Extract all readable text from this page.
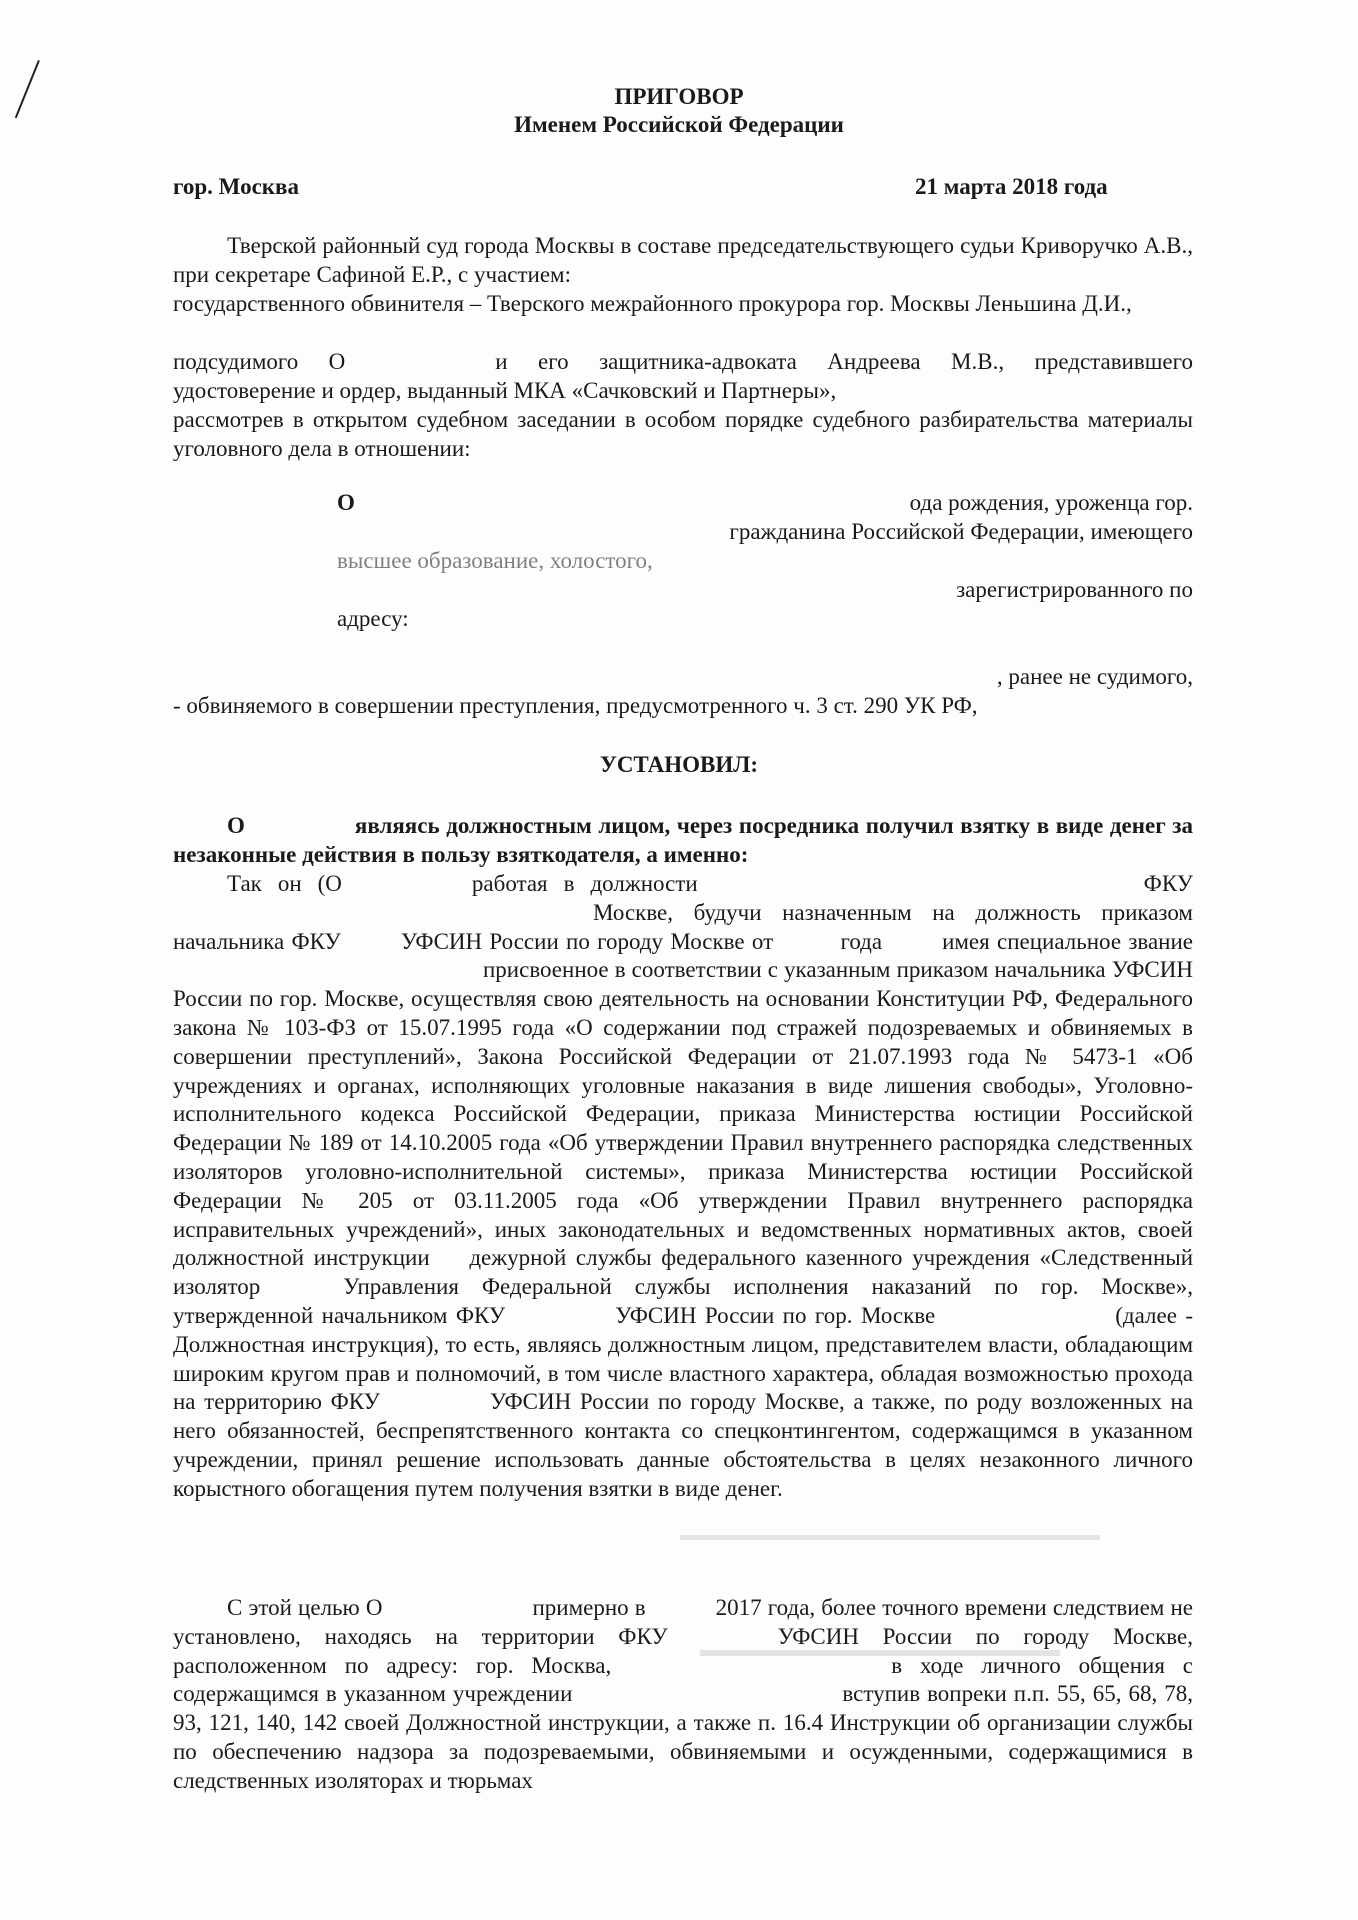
ПРИГОВОР
Именем Российской Федерации
гор. Москва	21 марта 2018 года
Тверской районный суд города Москвы в составе председательствующего судьи Криворучко А.В., при секретаре Сафиной Е.Р., с участием:
государственного обвинителя – Тверского межрайонного прокурора гор. Москвы Леньшина Д.И.,
подсудимого О	и его защитника-адвоката Андреева М.В., представившего удостоверение и ордер, выданный МКА «Сачковский и Партнеры»,
рассмотрев в открытом судебном заседании в особом порядке судебного разбирательства материалы уголовного дела в отношении:
О	ода рождения, уроженца гор.
гражданина Российской Федерации, имеющего
высшее образование, холостого,
зарегистрированного по
адресу:
, ранее не судимого,
- обвиняемого в совершении преступления, предусмотренного ч. 3 ст. 290 УК РФ,
УСТАНОВИЛ:
О	являясь должностным лицом, через посредника получил взятку в виде денег за незаконные действия в пользу взяткодателя, а именно:
Так он (О	работая в должности	ФКУМоскве, будучи назначенным на должность приказом начальника ФКУ	УФСИН России по городу Москве от	года	имея специальное званиеприсвоенное в соответствии с указанным приказом начальника УФСИН России по гор. Москве, осуществляя свою деятельность на основании Конституции РФ, Федерального закона № 103-ФЗ от 15.07.1995 года «О содержании под стражей подозреваемых и обвиняемых в совершении преступлений», Закона Российской Федерации от 21.07.1993 года № 5473-1 «Об учреждениях и органах, исполняющих уголовные наказания в виде лишения свободы», Уголовно-исполнительного кодекса Российской Федерации, приказа Министерства юстиции Российской Федерации № 189 от 14.10.2005 года «Об утверждении Правил внутреннего распорядка следственных изоляторов уголовно-исполнительной системы», приказа Министерства юстиции Российской Федерации № 205 от 03.11.2005 года «Об утверждении Правил внутреннего распорядка исправительных учреждений», иных законодательных и ведомственных нормативных актов, своей должностной инструкции дежурной службы федерального казенного учреждения «Следственный изолятор	Управления Федеральной службы исполнения наказаний по гор. Москве», утвержденной начальником ФКУ	УФСИН России по гор. Москве	(далее - Должностная инструкция), то есть, являясь должностным лицом, представителем власти, обладающим широким кругом прав и полномочий, в том числе властного характера, обладая возможностью прохода на территорию ФКУ	УФСИН России по городу Москве, а также, по роду возложенных на него обязанностей, беспрепятственного контакта со спецконтингентом, содержащимся в указанном учреждении, принял решение использовать данные обстоятельства в целях незаконного личного корыстного обогащения путем получения взятки в виде денег.
С этой целью О	примерно в	2017 года, более точного времени следствием не установлено, находясь на территории ФКУ	УФСИН России по городу Москве, расположенном по адресу: гор. Москва,	в ходе личного общения с содержащимся в указанном учреждении	вступив вопреки п.п. 55, 65, 68, 78, 93, 121, 140, 142 своей Должностной инструкции, а также п. 16.4 Инструкции об организации службы по обеспечению надзора за подозреваемыми, обвиняемыми и осужденными, содержащимися в следственных изоляторах и тюрьмах
